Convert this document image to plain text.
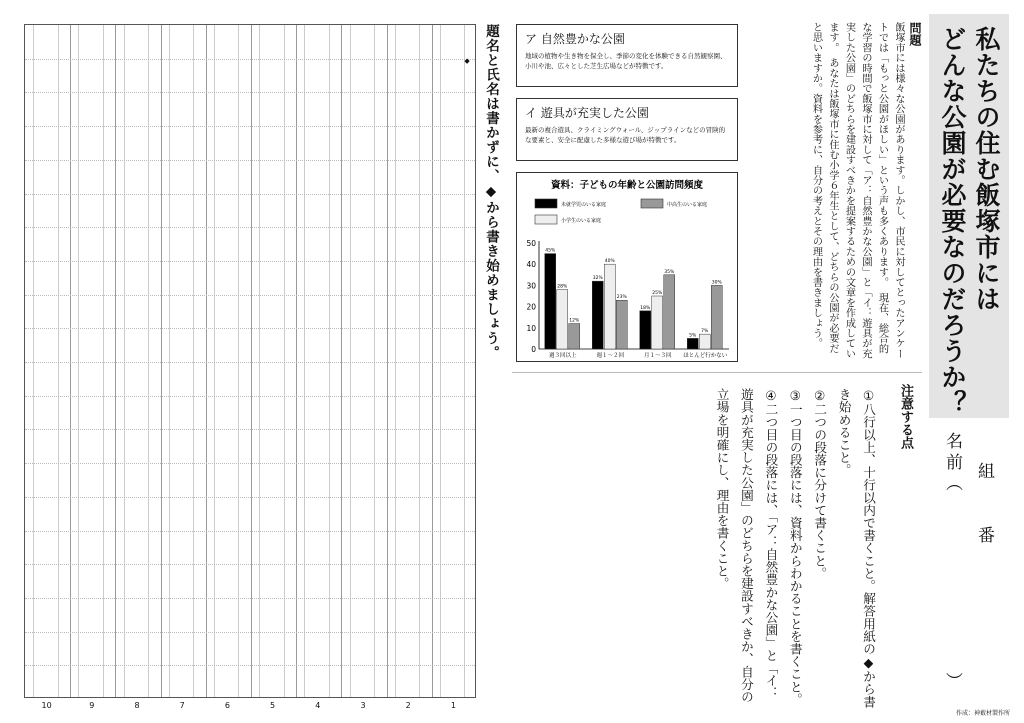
私たちの住む飯塚市には
どんな公園が必要なのだろうか？
組
番
名前（
）
問題
飯塚市には様々な公園があります。しかし、市民に対してとったアンケートでは「もっと公園がほしい」という声も多くあります。　現在、総合的な学習の時間で飯塚市に対して「ア：自然豊かな公園」と「イ：遊具が充実した公園」のどちらを建設すべきかを提案するための文章を作成しています。　あなたは飯塚市に住む小学６年生として、どちらの公園が必要だと思いますか。資料を参考に、自分の考えとその理由を書きましょう。
注意する点
①八行以上、十行以内で書くこと。解答用紙の◆から書き始めること。
②二つの段落に分けて書くこと。
③一つ目の段落には、資料からわかることを書くこと。
④二つ目の段落には、「ア：自然豊かな公園」と「イ：遊具が充実した公園」のどちらを建設すべきか、自分の立場を明確にし、理由を書くこと。
ア 自然豊かな公園

地域の植物や生き物を保全し、季節の変化を体験できる自然観察園、小川や池、広々とした芝生広場などが特徴です。

イ 遊具が充実した公園

最新の複合遊具、クライミングウォール、ジップラインなどの冒険的な要素と、安全に配慮した多様な遊び場が特徴です。

資料：子どもの年齢と公園訪問頻度
未就学児のいる家庭
小学生のいる家庭
中高生のいる家庭
0
10
20
30
40
50
45%
28%
12%
週３回以上
32%
40%
23%
週１～２回
18%
25%
35%
月１～３回
5%
7%
30%
ほとんど行かない
題名と氏名は書かずに、◆から書き始めましょう。
◆
1
2
3
4
5
6
7
8
9
10
作成：神薮材製作所
